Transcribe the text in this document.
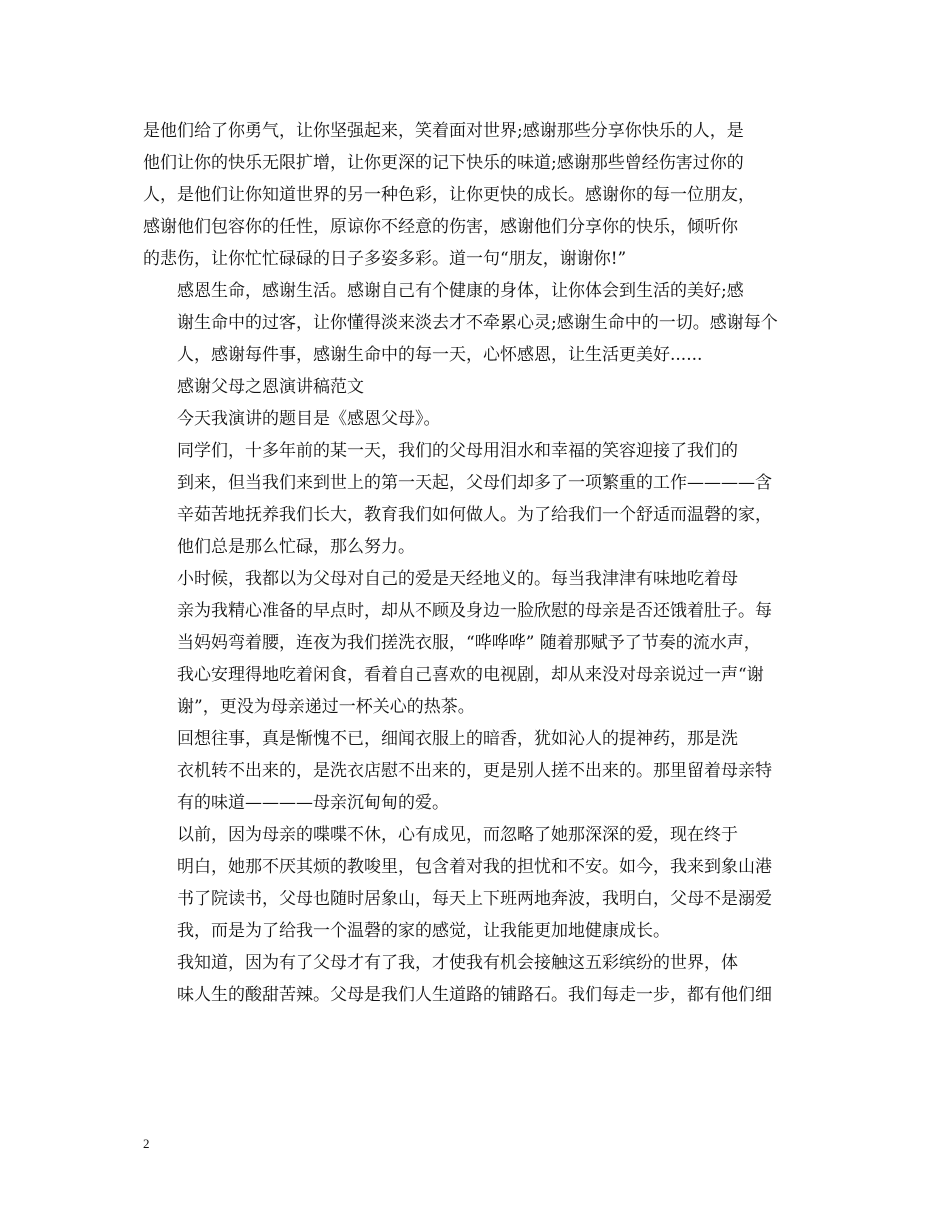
是他们给了你勇气，让你坚强起来，笑着面对世界;感谢那些分享你快乐的人，是
他们让你的快乐无限扩增，让你更深的记下快乐的味道;感谢那些曾经伤害过你的
人，是他们让你知道世界的另一种色彩，让你更快的成长。感谢你的每一位朋友，
感谢他们包容你的任性，原谅你不经意的伤害，感谢他们分享你的快乐，倾听你
的悲伤，让你忙忙碌碌的日子多姿多彩。道一句“朋友，谢谢你!”

感恩生命，感谢生活。感谢自己有个健康的身体，让你体会到生活的美好;感
谢生命中的过客，让你懂得淡来淡去才不牵累心灵;感谢生命中的一切。感谢每个
人，感谢每件事，感谢生命中的每一天，心怀感恩，让生活更美好......

感谢父母之恩演讲稿范文

今天我演讲的题目是《感恩父母》。

同学们，十多年前的某一天，我们的父母用泪水和幸福的笑容迎接了我们的
到来，但当我们来到世上的第一天起，父母们却多了一项繁重的工作————含
辛茹苦地抚养我们长大，教育我们如何做人。为了给我们一个舒适而温磬的家，
他们总是那么忙碌，那么努力。

小时候，我都以为父母对自己的爱是天经地义的。每当我津津有味地吃着母
亲为我精心准备的早点时，却从不顾及身边一脸欣慰的母亲是否还饿着肚子。每
当妈妈弯着腰，连夜为我们搓洗衣服，“哗哗哗” 随着那赋予了节奏的流水声，
我心安理得地吃着闲食，看着自己喜欢的电视剧，却从来没对母亲说过一声“谢
谢”，更没为母亲递过一杯关心的热茶。

回想往事，真是惭愧不已，细闻衣服上的暗香，犹如沁人的提神药，那是洗
衣机转不出来的，是洗衣店慰不出来的，更是别人搓不出来的。那里留着母亲特
有的味道————母亲沉甸甸的爱。

以前，因为母亲的喋喋不休，心有成见，而忽略了她那深深的爱，现在终于
明白，她那不厌其烦的教唆里，包含着对我的担忧和不安。如今，我来到象山港
书了院读书，父母也随时居象山，每天上下班两地奔波，我明白，父母不是溺爱
我，而是为了给我一个温磬的家的感觉，让我能更加地健康成长。

我知道，因为有了父母才有了我，才使我有机会接触这五彩缤纷的世界，体
味人生的酸甜苦辣。父母是我们人生道路的铺路石。我们每走一步，都有他们细

2
